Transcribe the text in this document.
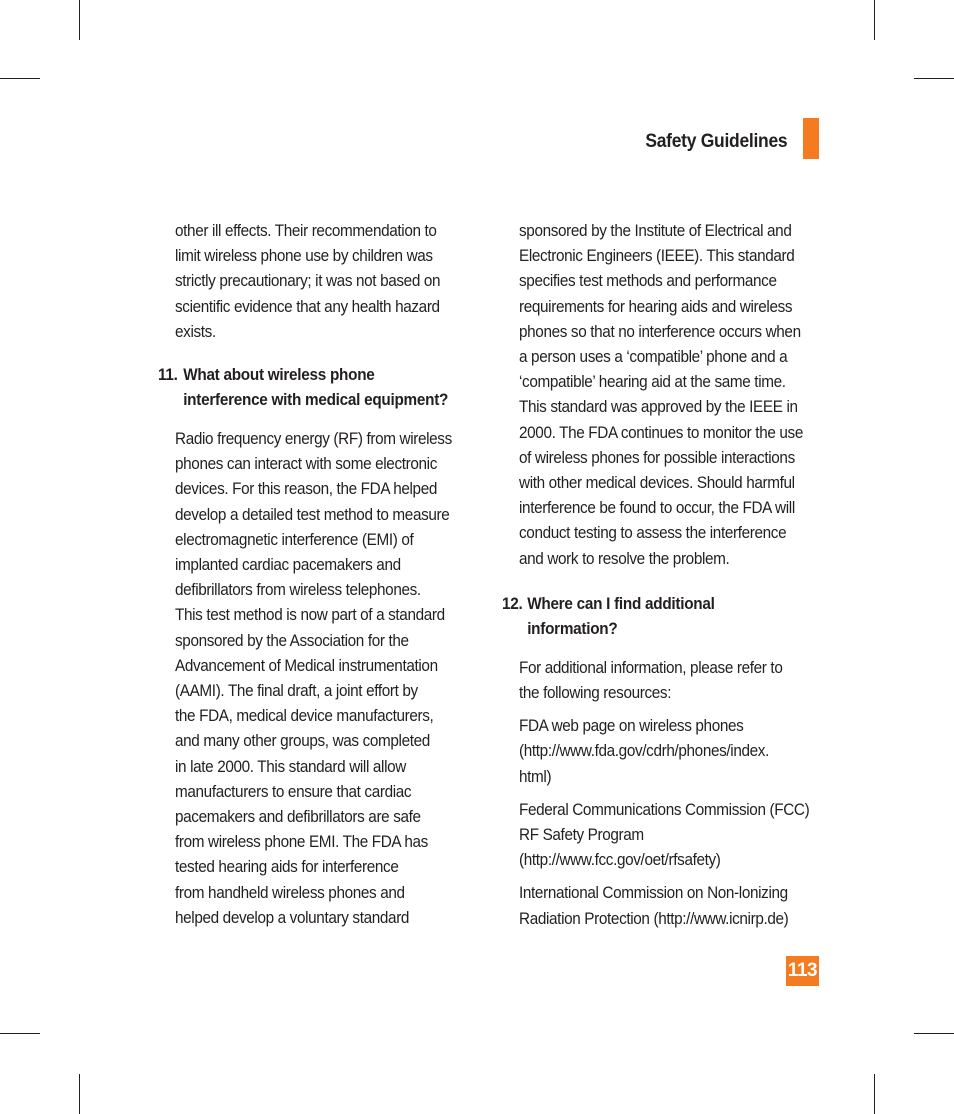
Safety Guidelines

other ill effects. Their recommendation to
limit wireless phone use by children was
strictly precautionary; it was not based on
scientific evidence that any health hazard
exists.

11. What about wireless phone
interference with medical equipment?

Radio frequency energy (RF) from wireless
phones can interact with some electronic
devices. For this reason, the FDA helped
develop a detailed test method to measure
electromagnetic interference (EMI) of
implanted cardiac pacemakers and
defibrillators from wireless telephones.
This test method is now part of a standard
sponsored by the Association for the
Advancement of Medical instrumentation
(AAMI). The final draft, a joint effort by
the FDA, medical device manufacturers,
and many other groups, was completed
in late 2000. This standard will allow
manufacturers to ensure that cardiac
pacemakers and defibrillators are safe
from wireless phone EMI. The FDA has
tested hearing aids for interference
from handheld wireless phones and
helped develop a voluntary standard

sponsored by the Institute of Electrical and
Electronic Engineers (IEEE). This standard
specifies test methods and performance
requirements for hearing aids and wireless
phones so that no interference occurs when
a person uses a ‘compatible’ phone and a
‘compatible’ hearing aid at the same time.
This standard was approved by the IEEE in
2000. The FDA continues to monitor the use
of wireless phones for possible interactions
with other medical devices. Should harmful
interference be found to occur, the FDA will
conduct testing to assess the interference
and work to resolve the problem.

12. Where can I find additional
information?

For additional information, please refer to
the following resources:

FDA web page on wireless phones
(http://www.fda.gov/cdrh/phones/index.
html)

Federal Communications Commission (FCC)
RF Safety Program
(http://www.fcc.gov/oet/rfsafety)

International Commission on Non-lonizing
Radiation Protection (http://www.icnirp.de)

113
